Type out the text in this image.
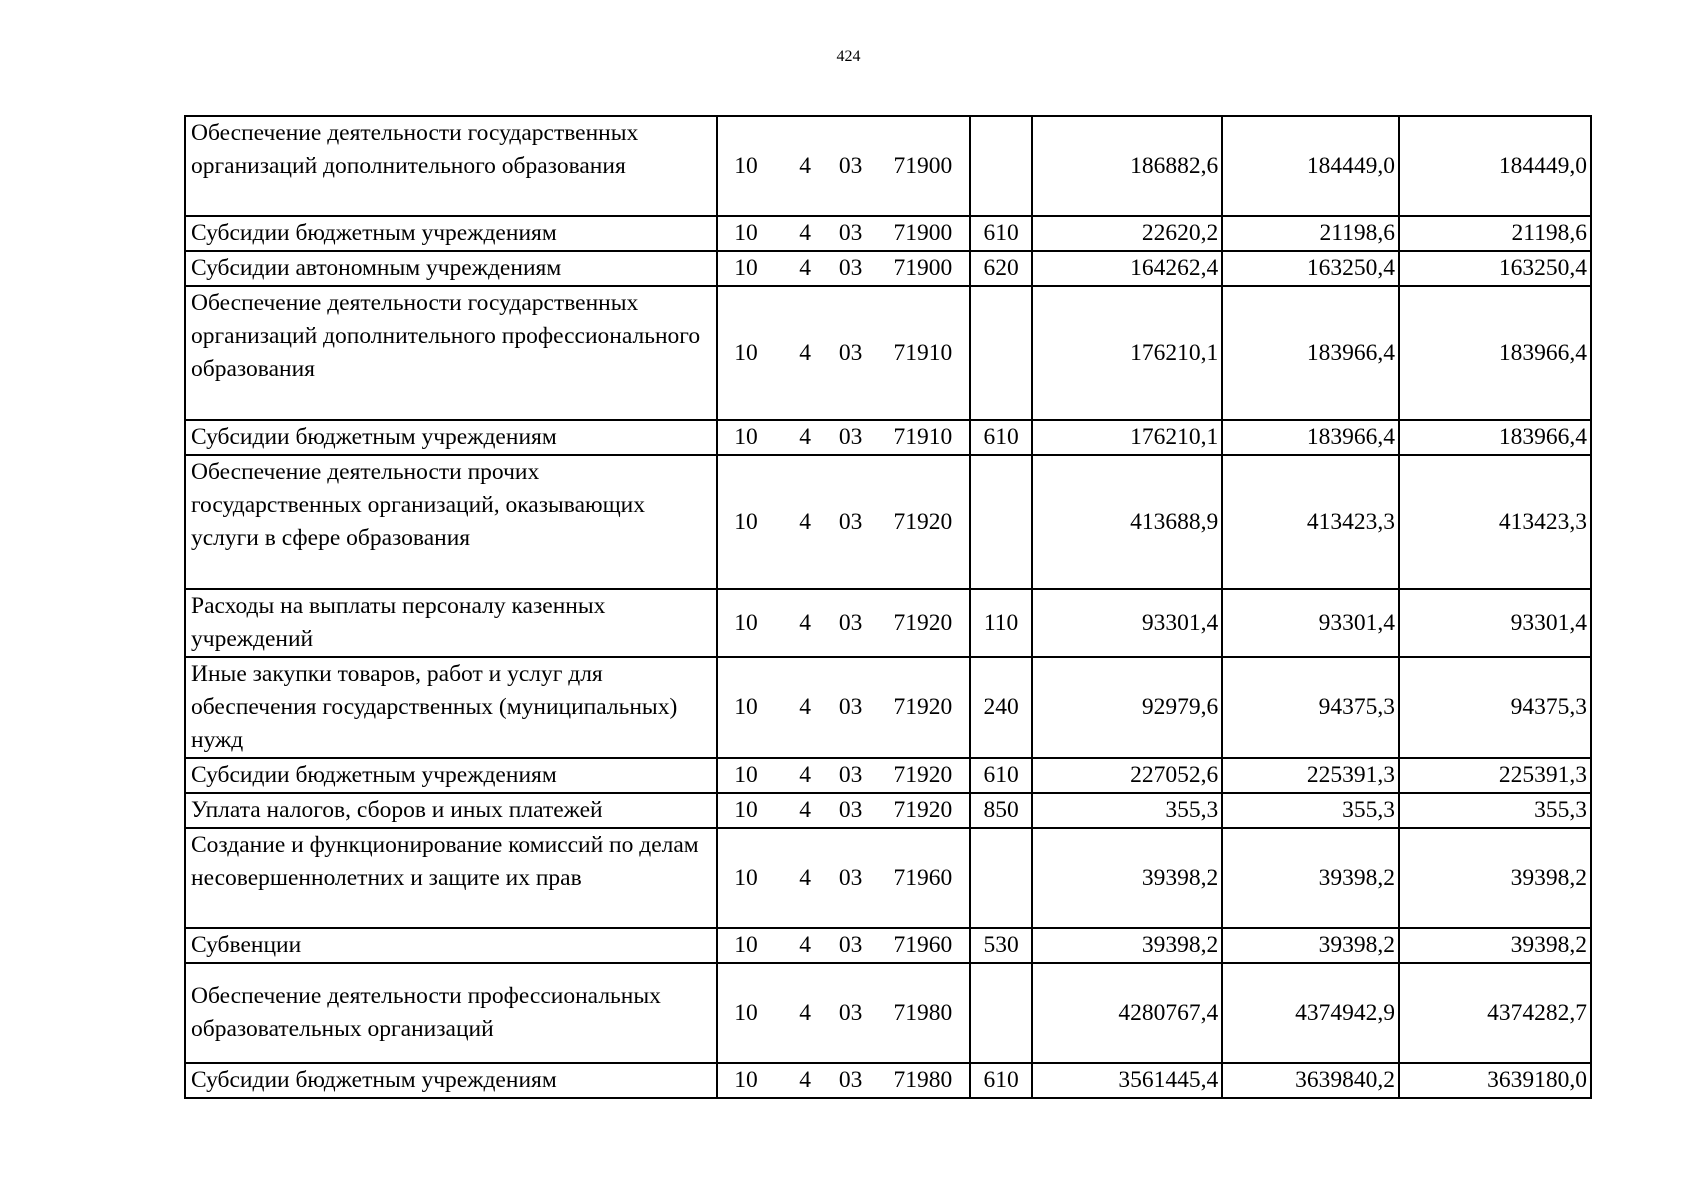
424
Обеспечение деятельности государственных организаций дополнительного образования	10	4	03	71900		186882,6	184449,0	184449,0
Субсидии бюджетным учреждениям	10	4	03	71900	610	22620,2	21198,6	21198,6
Субсидии автономным учреждениям	10	4	03	71900	620	164262,4	163250,4	163250,4
Обеспечение деятельности государственных организаций дополнительного профессионального образования	10	4	03	71910		176210,1	183966,4	183966,4
Субсидии бюджетным учреждениям	10	4	03	71910	610	176210,1	183966,4	183966,4
Обеспечение деятельности прочих государственных организаций, оказывающих услуги в сфере образования	10	4	03	71920		413688,9	413423,3	413423,3
Расходы на выплаты персоналу казенных учреждений	10	4	03	71920	110	93301,4	93301,4	93301,4
Иные закупки товаров, работ и услуг для обеспечения государственных (муниципальных) нужд	10	4	03	71920	240	92979,6	94375,3	94375,3
Субсидии бюджетным учреждениям	10	4	03	71920	610	227052,6	225391,3	225391,3
Уплата налогов, сборов и иных платежей	10	4	03	71920	850	355,3	355,3	355,3
Создание и функционирование комиссий по делам несовершеннолетних и защите их прав	10	4	03	71960		39398,2	39398,2	39398,2
Субвенции	10	4	03	71960	530	39398,2	39398,2	39398,2
Обеспечение деятельности профессиональных образовательных организаций	10	4	03	71980		4280767,4	4374942,9	4374282,7
Субсидии бюджетным учреждениям	10	4	03	71980	610	3561445,4	3639840,2	3639180,0
